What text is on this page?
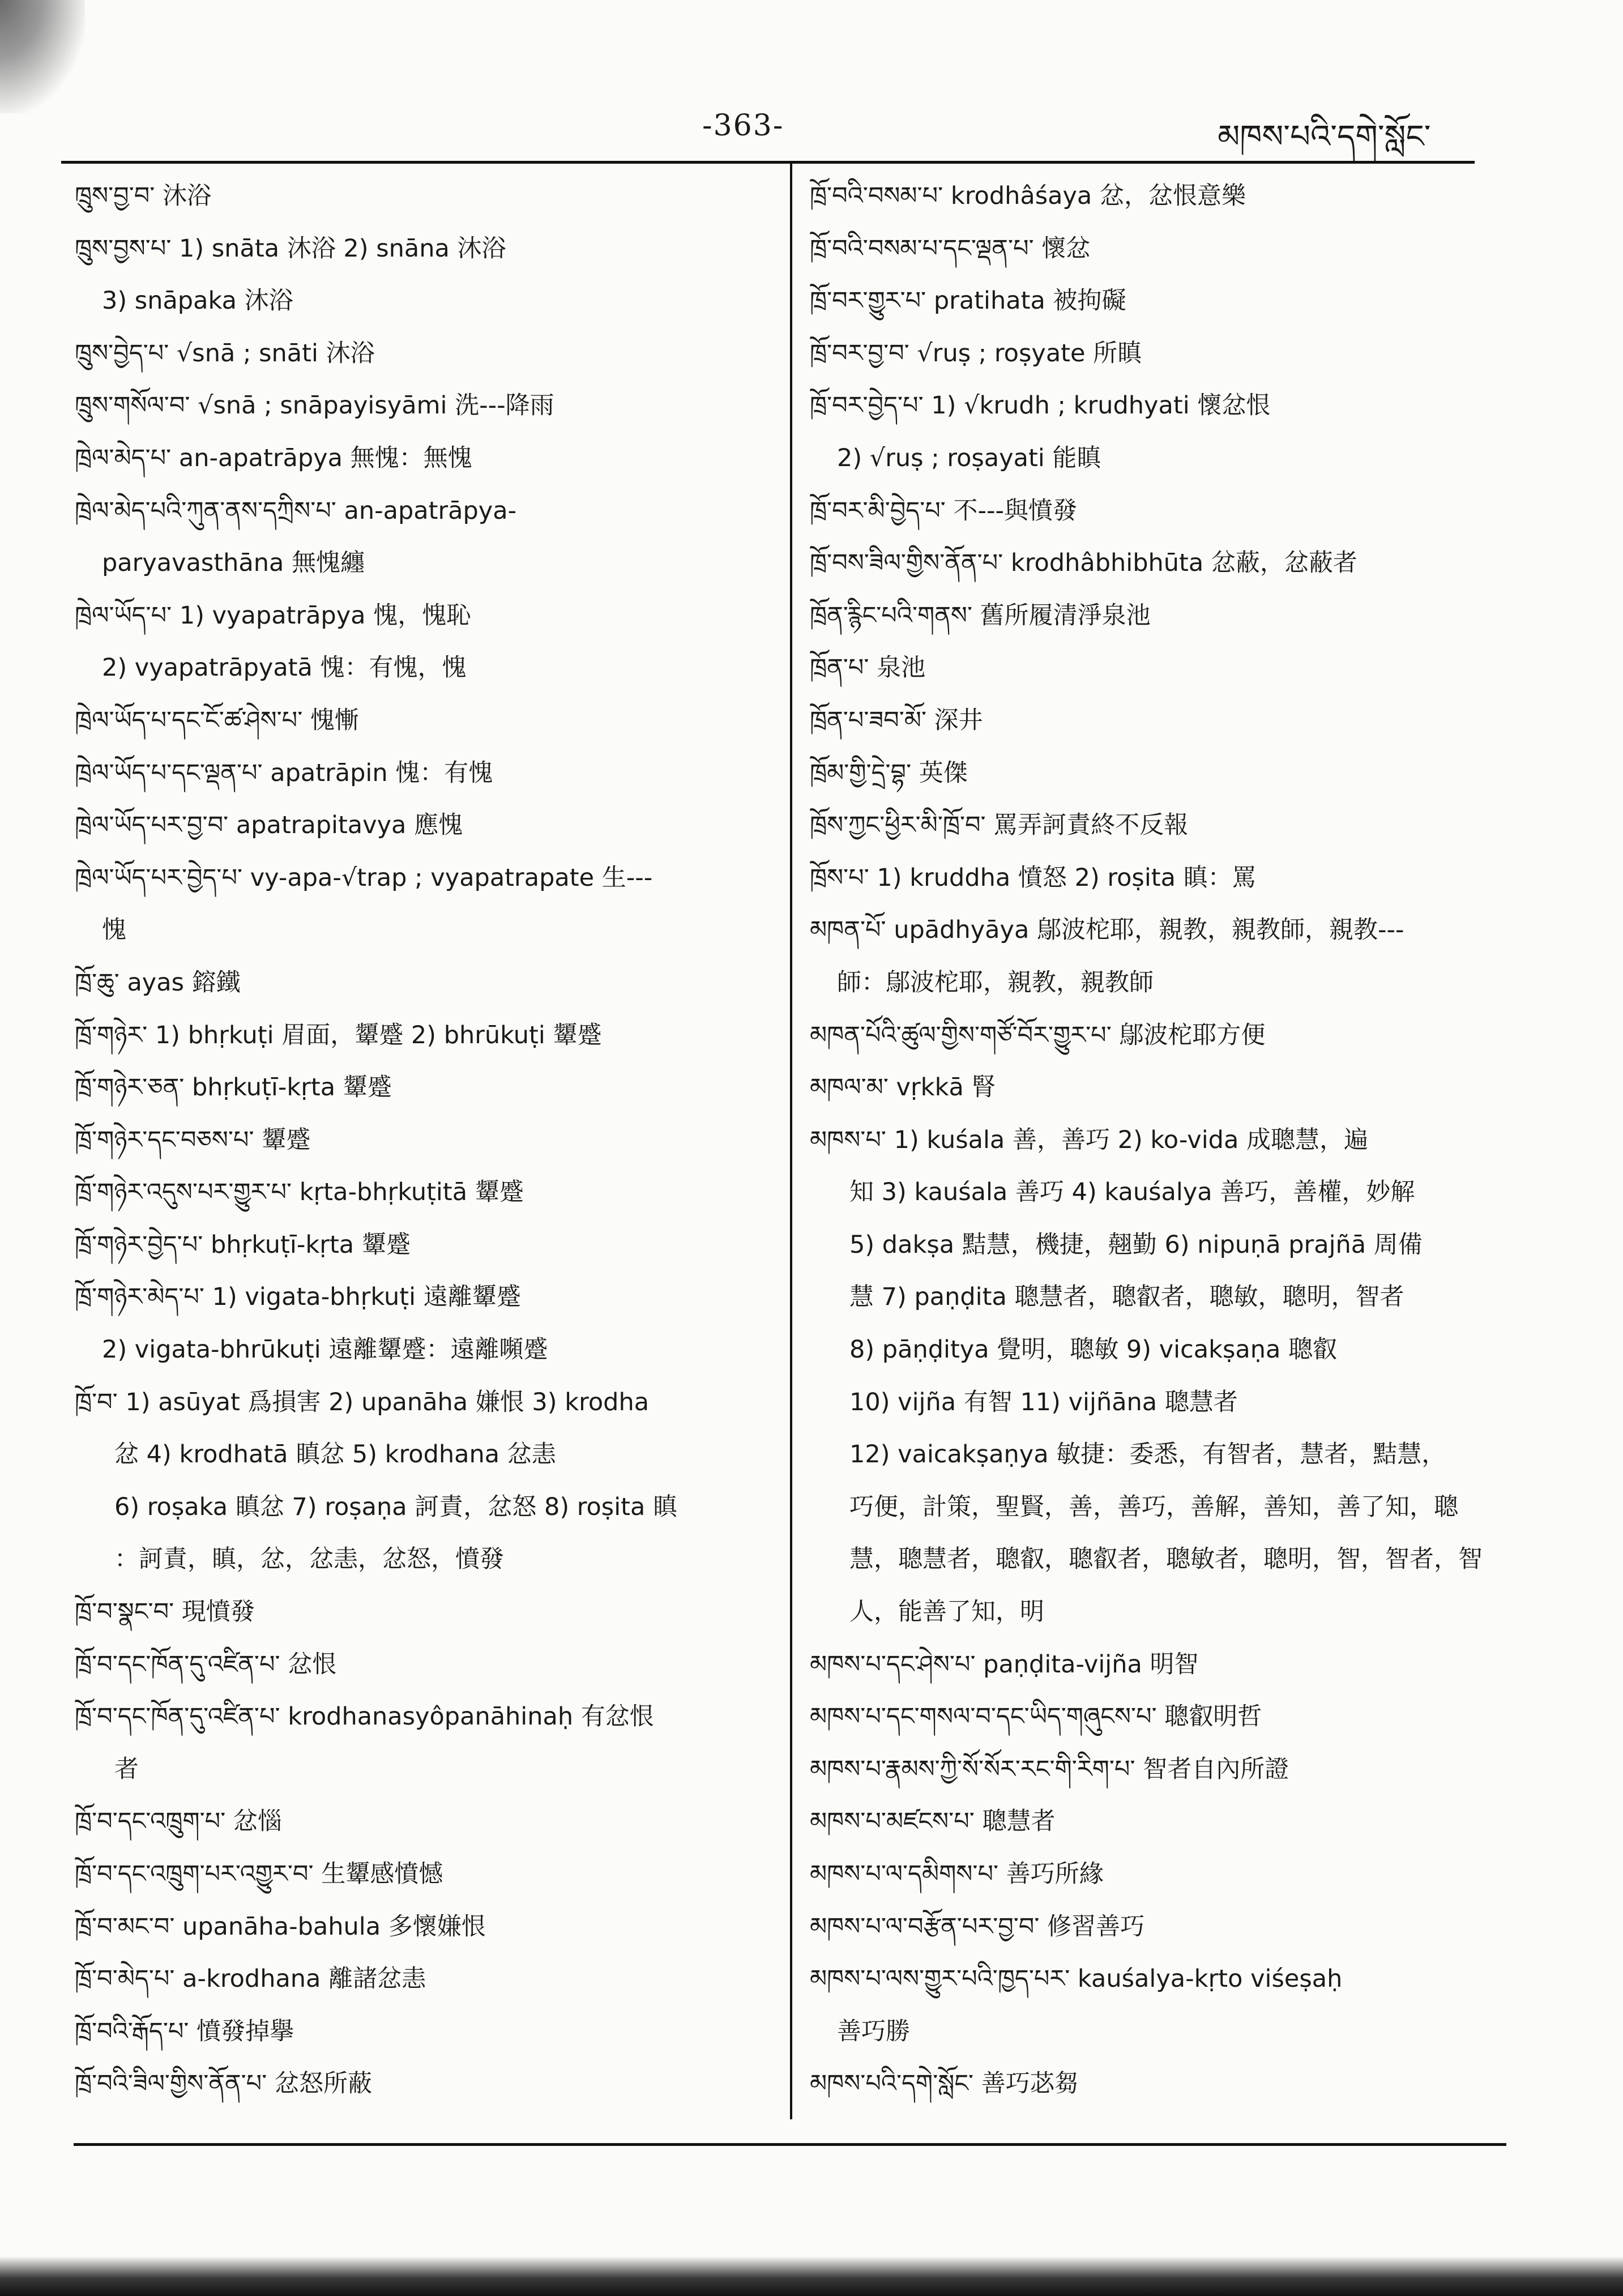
-363-	མཁས་པའི་དགེ་སློང་
ཁྲུས་བྱ་བ་ 沐浴
ཁྲུས་བྱས་པ་ 1) snāta 沐浴 2) snāna 沐浴
3) snāpaka 沐浴
ཁྲུས་བྱེད་པ་ √snā ; snāti 沐浴
ཁྲུས་གསོལ་བ་ √snā ; snāpayisyāmi 洗---降雨
ཁྲེལ་མེད་པ་ an-apatrāpya 無愧：無愧
ཁྲེལ་མེད་པའི་ཀུན་ནས་དཀྲིས་པ་ an-apatrāpya-
paryavasthāna 無愧纏
ཁྲེལ་ཡོད་པ་ 1) vyapatrāpya 愧，愧恥
2) vyapatrāpyatā 愧：有愧，愧
ཁྲེལ་ཡོད་པ་དང་ངོ་ཚ་ཤེས་པ་ 愧慚
ཁྲེལ་ཡོད་པ་དང་ལྡན་པ་ apatrāpin 愧：有愧
ཁྲེལ་ཡོད་པར་བྱ་བ་ apatrapitavya 應愧
ཁྲེལ་ཡོད་པར་བྱེད་པ་ vy-apa-√trap ; vyapatrapate 生---
愧
ཁྲོ་ཆུ་ ayas 鎔鐵
ཁྲོ་གཉེར་ 1) bhṛkuṭi 眉面，顰蹙 2) bhrūkuṭi 顰蹙
ཁྲོ་གཉེར་ཅན་ bhṛkuṭī-kṛta 顰蹙
ཁྲོ་གཉེར་དང་བཅས་པ་ 顰蹙
ཁྲོ་གཉེར་འདུས་པར་གྱུར་པ་ kṛta-bhṛkuṭitā 顰蹙
ཁྲོ་གཉེར་བྱེད་པ་ bhṛkuṭī-kṛta 顰蹙
ཁྲོ་གཉེར་མེད་པ་ 1) vigata-bhṛkuṭi 遠離顰蹙
2) vigata-bhrūkuṭi 遠離顰蹙：遠離嚬蹙
ཁྲོ་བ་ 1) asūyat 爲損害 2) upanāha 嫌恨 3) krodha
忿 4) krodhatā 瞋忿 5) krodhana 忿恚
6) roṣaka 瞋忿 7) roṣaṇa 訶責，忿怒 8) roṣita 瞋
：訶責，瞋，忿，忿恚，忿怒，憤發
ཁྲོ་བ་སྣང་བ་ 現憤發
ཁྲོ་བ་དང་ཁོན་དུ་འཛིན་པ་ 忿恨
ཁྲོ་བ་དང་ཁོན་དུ་འཛིན་པ་ krodhanasyôpanāhinaḥ 有忿恨
者
ཁྲོ་བ་དང་འཁྲུག་པ་ 忿惱
ཁྲོ་བ་དང་འཁྲུག་པར་འགྱུར་བ་ 生顰感憤憾
ཁྲོ་བ་མང་བ་ upanāha-bahula 多懷嫌恨
ཁྲོ་བ་མེད་པ་ a-krodhana 離諸忿恚
ཁྲོ་བའི་རྒོད་པ་ 憤發掉擧
ཁྲོ་བའི་ཟིལ་གྱིས་ནོན་པ་ 忿怒所蔽
ཁྲོ་བའི་བསམ་པ་ krodhâśaya 忿，忿恨意樂
ཁྲོ་བའི་བསམ་པ་དང་ལྡན་པ་ 懷忿
ཁྲོ་བར་གྱུར་པ་ pratihata 被拘礙
ཁྲོ་བར་བྱ་བ་ √ruṣ ; roṣyate 所瞋
ཁྲོ་བར་བྱེད་པ་ 1) √krudh ; krudhyati 懷忿恨
2) √ruṣ ; roṣayati 能瞋
ཁྲོ་བར་མི་བྱེད་པ་ 不---與憤發
ཁྲོ་བས་ཟིལ་གྱིས་ནོན་པ་ krodhâbhibhūta 忿蔽，忿蔽者
ཁྲོན་རྙིང་པའི་གནས་ 舊所履清淨泉池
ཁྲོན་པ་ 泉池
ཁྲོན་པ་ཟབ་མོ་ 深井
ཁྲོམ་གྱི་དྲེ་བྷ་ 英傑
ཁྲོས་ཀྱང་ཕྱིར་མི་ཁྲོ་བ་ 罵弄訶責終不反報
ཁྲོས་པ་ 1) kruddha 憤怒 2) roṣita 瞋：罵
མཁན་པོ་ upādhyāya 鄔波柁耶，親教，親教師，親教---
師：鄔波柁耶，親教，親教師
མཁན་པོའི་ཚུལ་གྱིས་གཙོ་བོར་གྱུར་པ་ 鄔波柁耶方便
མཁལ་མ་ vṛkkā 腎
མཁས་པ་ 1) kuśala 善，善巧 2) ko-vida 成聰慧，遍
知 3) kauśala 善巧 4) kauśalya 善巧，善權，妙解
5) dakṣa 黠慧，機捷，翹勤 6) nipuṇā prajñā 周備
慧 7) paṇḍita 聰慧者，聰叡者，聰敏，聰明，智者
8) pāṇḍitya 覺明，聰敏 9) vicakṣaṇa 聰叡
10) vijña 有智 11) vijñāna 聰慧者
12) vaicakṣaṇya 敏捷：委悉，有智者，慧者，黠慧，
巧便，計策，聖賢，善，善巧，善解，善知，善了知，聰
慧，聰慧者，聰叡，聰叡者，聰敏者，聰明，智，智者，智
人，能善了知，明
མཁས་པ་དང་ཤེས་པ་ paṇḍita-vijña 明智
མཁས་པ་དང་གསལ་བ་དང་ཡིད་གཞུངས་པ་ 聰叡明哲
མཁས་པ་རྣམས་ཀྱི་སོ་སོར་རང་གི་རིག་པ་ 智者自內所證
མཁས་པ་མཛངས་པ་ 聰慧者
མཁས་པ་ལ་དམིགས་པ་ 善巧所緣
མཁས་པ་ལ་བརྩོན་པར་བྱ་བ་ 修習善巧
མཁས་པ་ལས་གྱུར་པའི་ཁྱད་པར་ kauśalya-kṛto viśeṣaḥ
善巧勝
མཁས་པའི་དགེ་སློང་ 善巧苾芻
